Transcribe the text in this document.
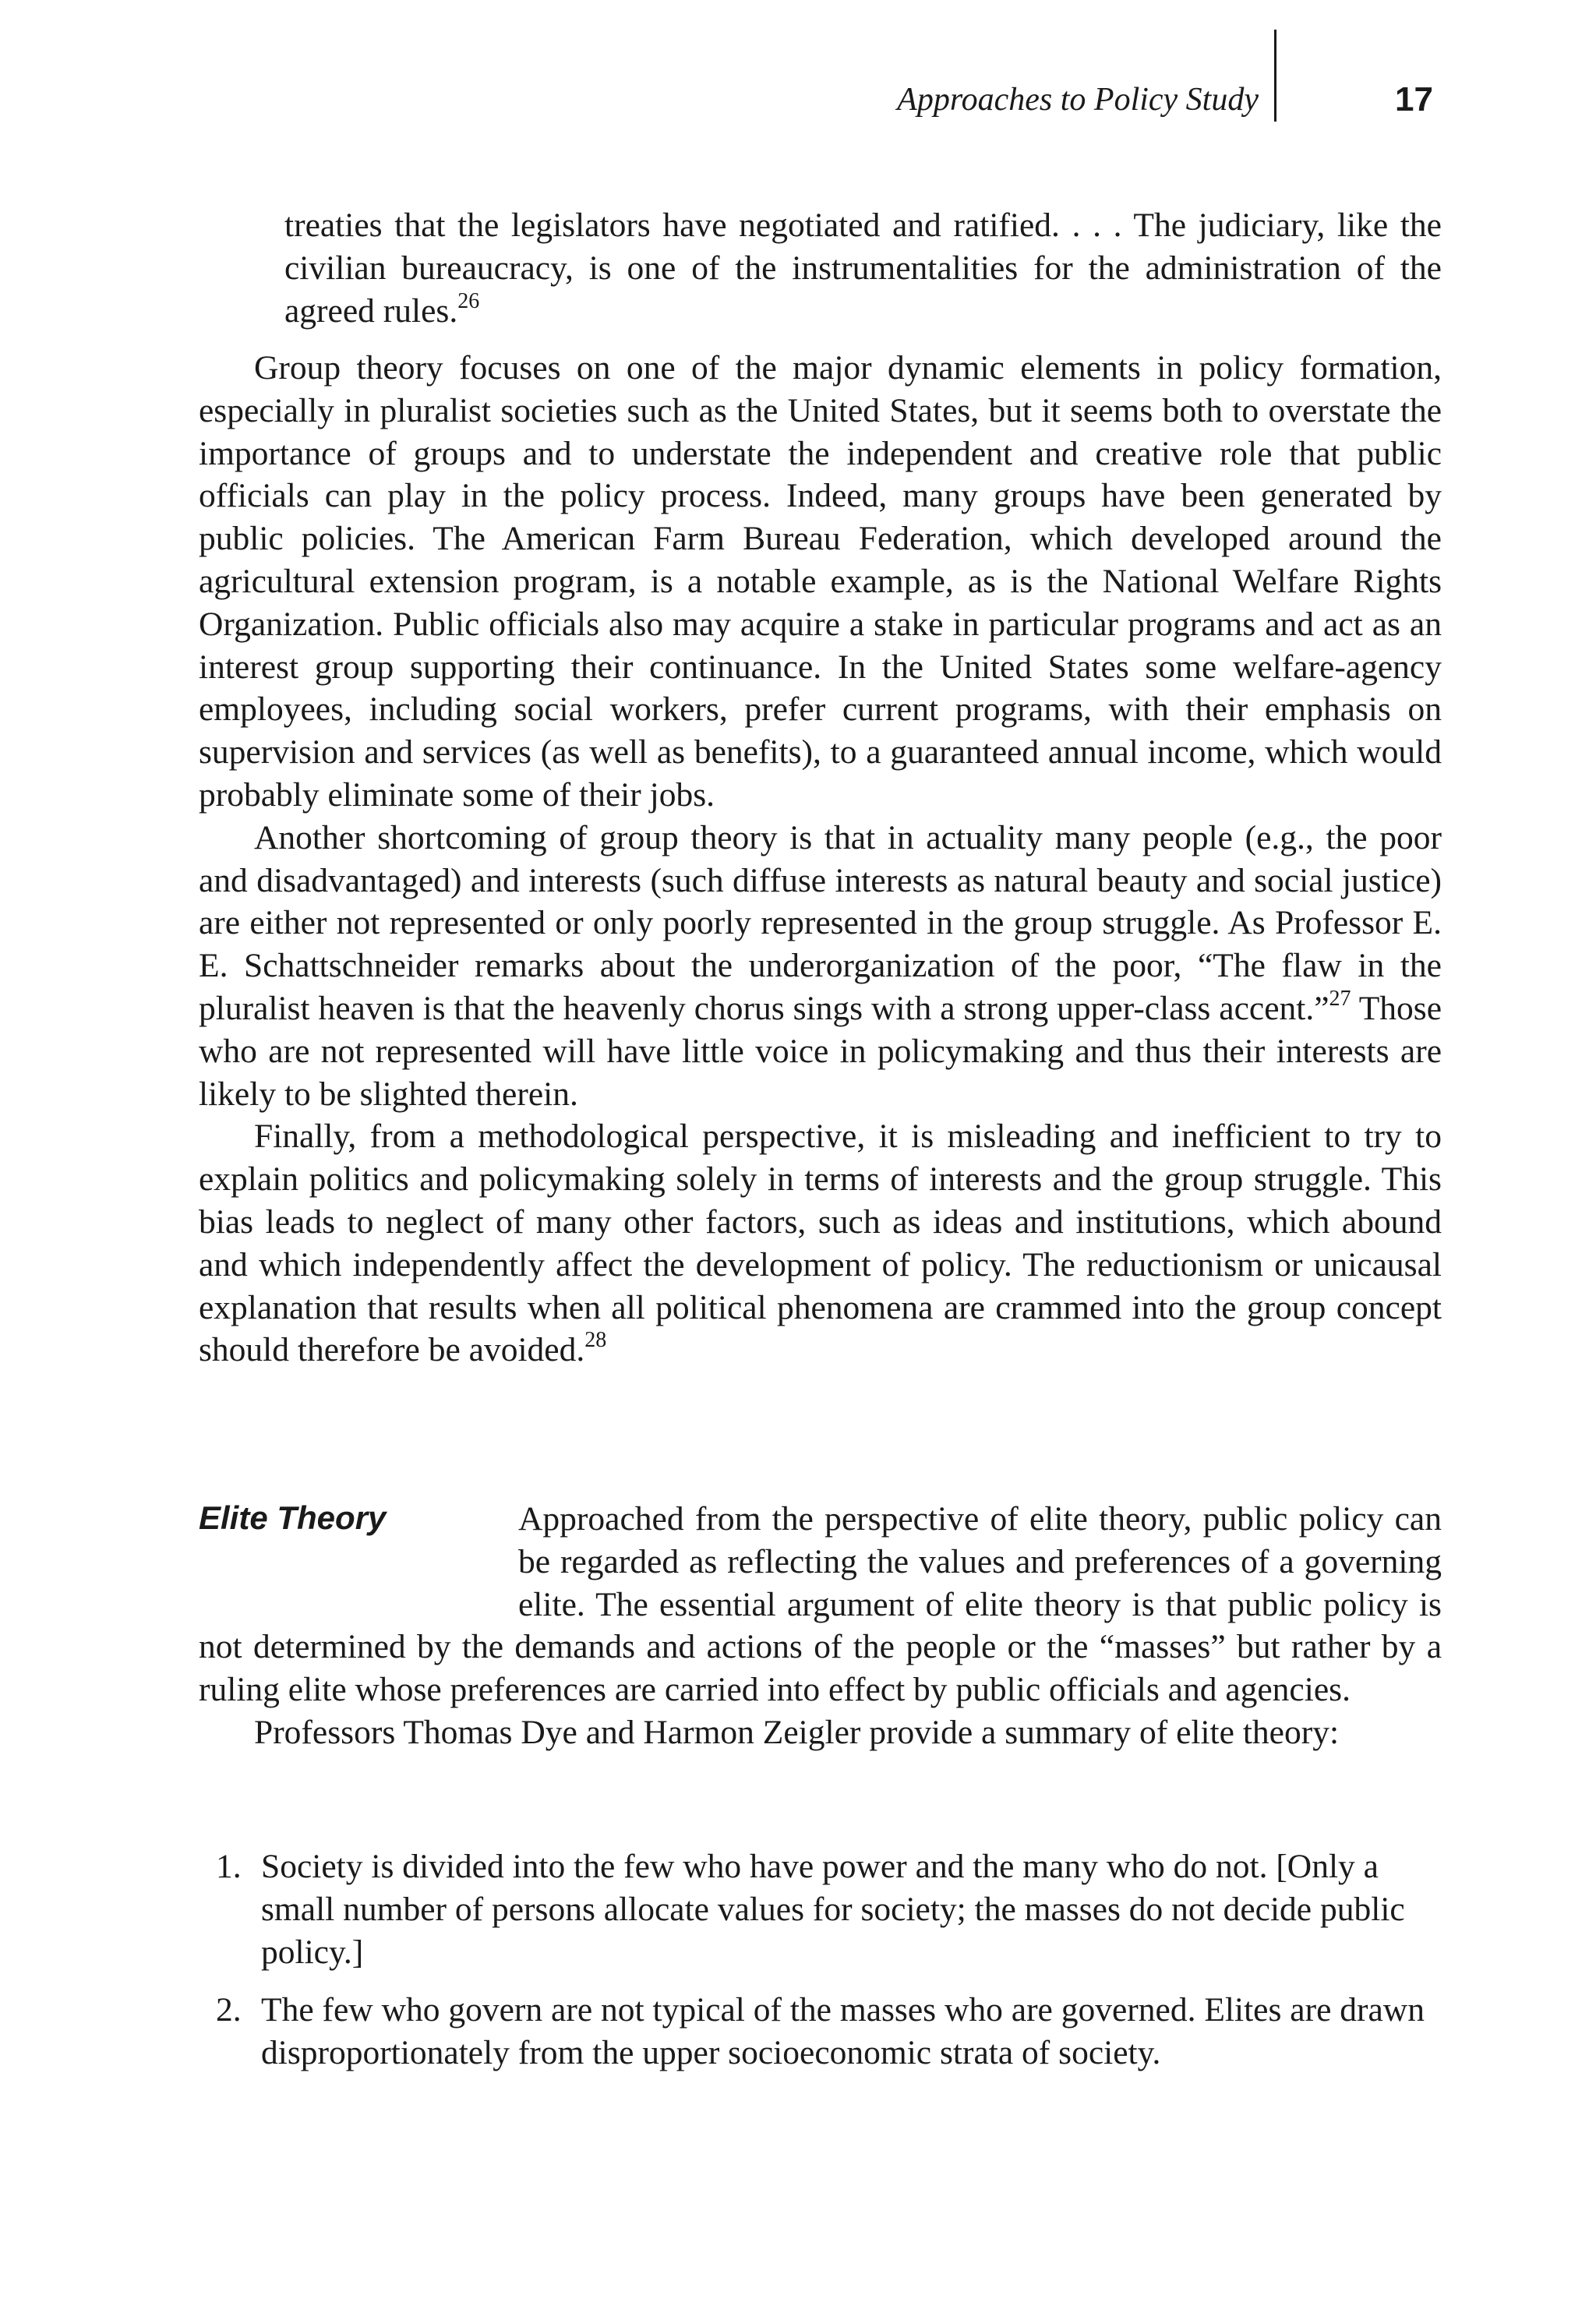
Approaches to Policy Study	17

treaties that the legislators have negotiated and ratified. . . . The judiciary, like the civilian bureaucracy, is one of the instrumentalities for the administration of the agreed rules.$^{26}$

Group theory focuses on one of the major dynamic elements in policy formation, especially in pluralist societies such as the United States, but it seems both to overstate the importance of groups and to understate the independent and creative role that public officials can play in the policy process. Indeed, many groups have been generated by public policies. The American Farm Bureau Federation, which developed around the agricultural extension program, is a notable example, as is the National Welfare Rights Organization. Public officials also may acquire a stake in particular programs and act as an interest group supporting their continuance. In the United States some welfare-agency employees, including social workers, prefer current programs, with their emphasis on supervision and services (as well as benefits), to a guaranteed annual income, which would probably eliminate some of their jobs.

Another shortcoming of group theory is that in actuality many people (e.g., the poor and disadvantaged) and interests (such diffuse interests as natural beauty and social justice) are either not represented or only poorly represented in the group struggle. As Professor E. E. Schattschneider remarks about the underorganization of the poor, “The flaw in the pluralist heaven is that the heavenly chorus sings with a strong upper-class accent.”$^{27}$ Those who are not represented will have little voice in policymaking and thus their interests are likely to be slighted therein.

Finally, from a methodological perspective, it is misleading and inefficient to try to explain politics and policymaking solely in terms of interests and the group struggle. This bias leads to neglect of many other factors, such as ideas and institutions, which abound and which independently affect the development of policy. The reductionism or unicausal explanation that results when all political phenomena are crammed into the group concept should therefore be avoided.$^{28}$

Elite Theory	Approached from the perspective of elite theory, public policy can be regarded as reflecting the values and preferences of a governing elite. The essential argument of elite theory is that public policy is not determined by the demands and actions of the people or the “masses” but rather by a ruling elite whose preferences are carried into effect by public officials and agencies.

Professors Thomas Dye and Harmon Zeigler provide a summary of elite theory:

1. Society is divided into the few who have power and the many who do not. [Only a small number of persons allocate values for society; the masses do not decide public policy.]
2. The few who govern are not typical of the masses who are governed. Elites are drawn disproportionately from the upper socioeconomic strata of society.
